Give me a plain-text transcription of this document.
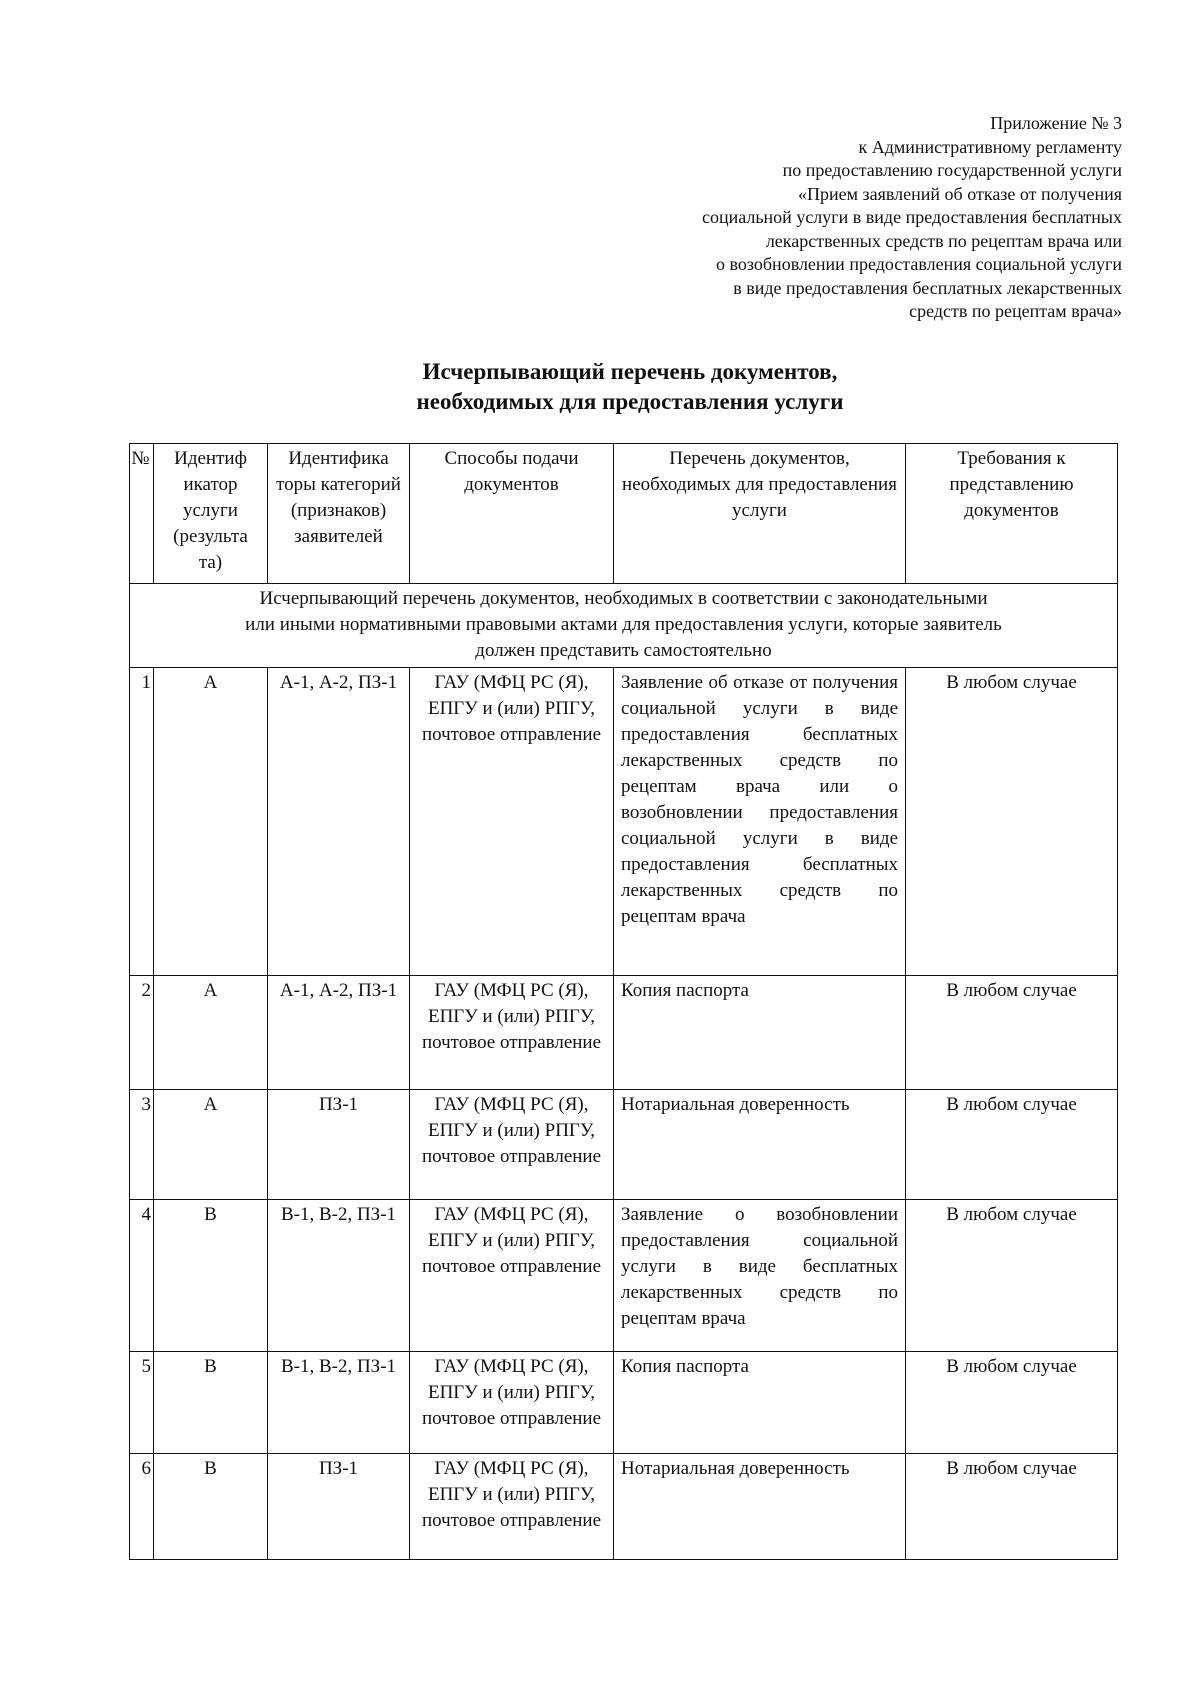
Приложение № 3
к Административному регламенту
по предоставлению государственной услуги
«Прием заявлений об отказе от получения
социальной услуги в виде предоставления бесплатных
лекарственных средств по рецептам врача или
о возобновлении предоставления социальной услуги
в виде предоставления бесплатных лекарственных
средств по рецептам врача»
Исчерпывающий перечень документов,
необходимых для предоставления услуги
№	Идентиф икатор услуги (результа та)	Идентифика торы категорий (признаков) заявителей	Способы подачи документов	Перечень документов, необходимых для предоставления услуги	Требования к представлению документов

Исчерпывающий перечень документов, необходимых в соответствии с законодательными
или иными нормативными правовыми актами для предоставления услуги, которые заявитель
должен представить самостоятельно					

1	А	А-1, А-2, ПЗ-1	ГАУ (МФЦ РС (Я), ЕПГУ и (или) РПГУ, почтовое отправление	Заявление об отказе от получения социальной услуги в виде предоставления бесплатных лекарственных средств по рецептам врача или о возобновлении предоставления социальной услуги в виде предоставления бесплатных лекарственных средств по рецептам врача	В любом случае
2	А	А-1, А-2, ПЗ-1	ГАУ (МФЦ РС (Я), ЕПГУ и (или) РПГУ, почтовое отправление	Копия паспорта	В любом случае
3	А	ПЗ-1	ГАУ (МФЦ РС (Я), ЕПГУ и (или) РПГУ, почтовое отправление	Нотариальная доверенность	В любом случае
4	В	В-1, В-2, ПЗ-1	ГАУ (МФЦ РС (Я), ЕПГУ и (или) РПГУ, почтовое отправление	Заявление о возобновлении предоставления социальной услуги в виде бесплатных лекарственных средств по рецептам врача	В любом случае
5	В	В-1, В-2, ПЗ-1	ГАУ (МФЦ РС (Я), ЕПГУ и (или) РПГУ, почтовое отправление	Копия паспорта	В любом случае
6	В	ПЗ-1	ГАУ (МФЦ РС (Я), ЕПГУ и (или) РПГУ, почтовое отправление	Нотариальная доверенность	В любом случае
